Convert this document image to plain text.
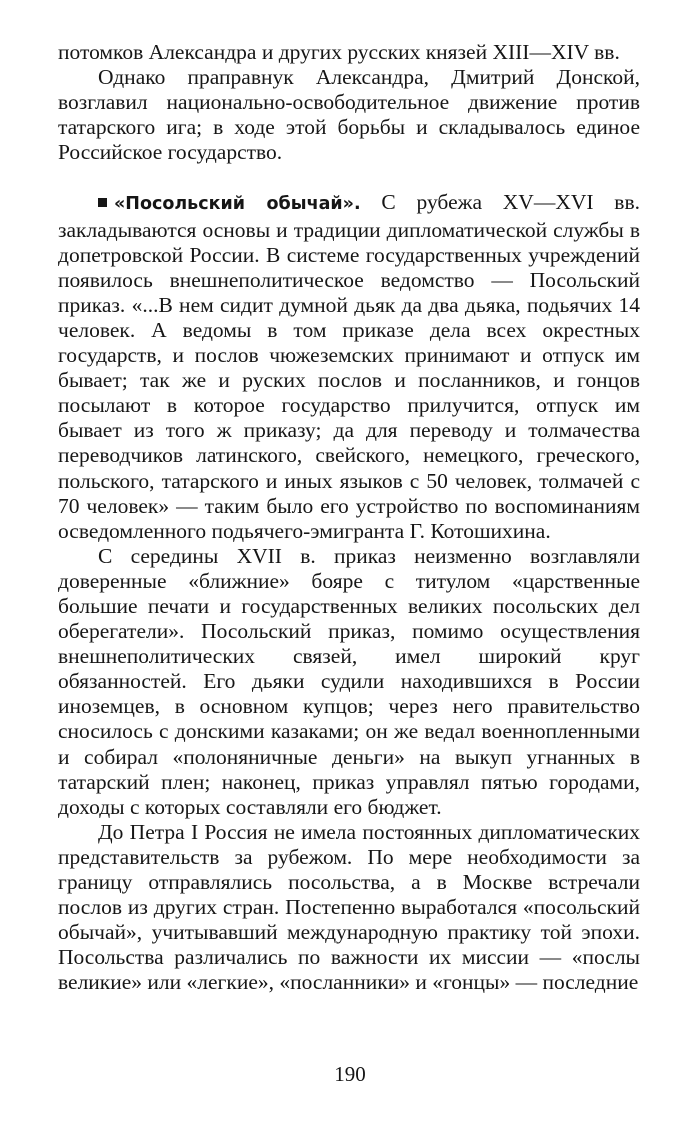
потомков Александра и других русских князей XIII—XIV вв.

Однако праправнук Александра, Дмитрий Донской, возглавил национально-освободительное движение против татарского ига; в ходе этой борьбы и складывалось единое Российское государство.

«Посольский обычай». С рубежа XV—XVI вв. закладываются основы и традиции дипломатической службы в допетровской России. В системе государственных учреждений появилось внешнеполитическое ведомство — Посольский приказ. «...В нем сидит думной дьяк да два дьяка, подьячих 14 человек. А ведомы в том приказе дела всех окрестных государств, и послов чюжеземских принимают и отпуск им бывает; так же и руских послов и посланников, и гонцов посылают в которое государство прилучится, отпуск им бывает из того ж приказу; да для переводу и толмачества переводчиков латинского, свейского, немецкого, греческого, польского, татарского и иных языков с 50 человек, толмачей с 70 человек» — таким было его устройство по воспоминаниям осведомленного подьячего-эмигранта Г. Котошихина.

С середины XVII в. приказ неизменно возглавляли доверенные «ближние» бояре с титулом «царственные большие печати и государственных великих посольских дел оберегатели». Посольский приказ, помимо осуществления внешнеполитических связей, имел широкий круг обязанностей. Его дьяки судили находившихся в России иноземцев, в основном купцов; через него правительство сносилось с донскими казаками; он же ведал военнопленными и собирал «полоняничные деньги» на выкуп угнанных в татарский плен; наконец, приказ управлял пятью городами, доходы с которых составляли его бюджет.

До Петра I Россия не имела постоянных дипломатических представительств за рубежом. По мере необходимости за границу отправлялись посольства, а в Москве встречали послов из других стран. Постепенно выработался «посольский обычай», учитывавший международную практику той эпохи. Посольства различались по важности их миссии — «послы великие» или «легкие», «посланники» и «гонцы» — последние

190
